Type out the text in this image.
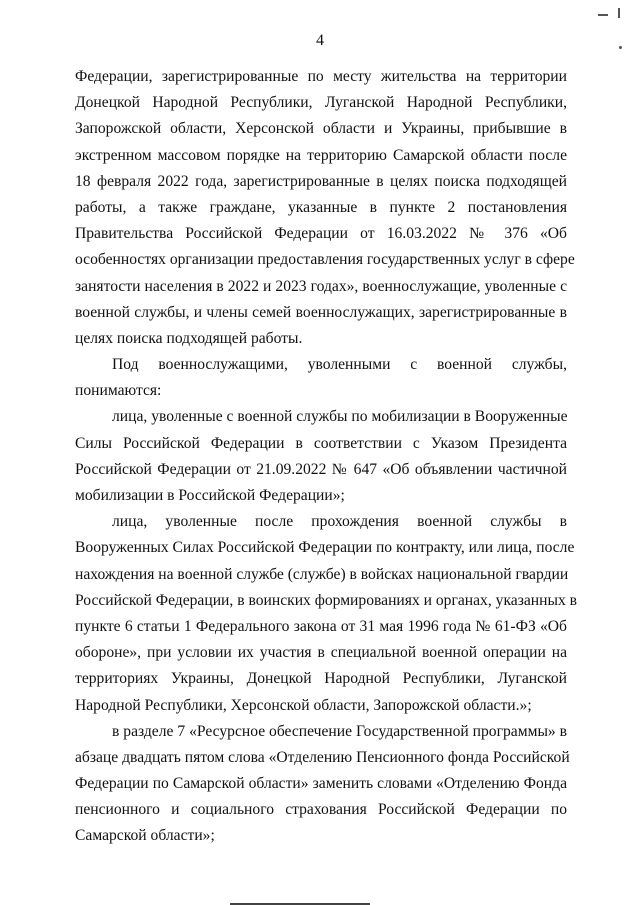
4
Федерации, зарегистрированные по месту жительства на территории
Донецкой Народной Республики, Луганской Народной Республики,
Запорожской области, Херсонской области и Украины, прибывшие в
экстренном массовом порядке на территорию Самарской области после
18 февраля 2022 года, зарегистрированные в целях поиска подходящей
работы, а также граждане, указанные в пункте 2 постановления
Правительства Российской Федерации от 16.03.2022 № 376 «Об
особенностях организации предоставления государственных услуг в сфере
занятости населения в 2022 и 2023 годах», военнослужащие, уволенные с
военной службы, и члены семей военнослужащих, зарегистрированные в
целях поиска подходящей работы.
Под военнослужащими, уволенными с военной службы,
понимаются:
лица, уволенные с военной службы по мобилизации в Вооруженные
Силы Российской Федерации в соответствии с Указом Президента
Российской Федерации от 21.09.2022 № 647 «Об объявлении частичной
мобилизации в Российской Федерации»;
лица, уволенные после прохождения военной службы в
Вооруженных Силах Российской Федерации по контракту, или лица, после
нахождения на военной службе (службе) в войсках национальной гвардии
Российской Федерации, в воинских формированиях и органах, указанных в
пункте 6 статьи 1 Федерального закона от 31 мая 1996 года № 61-ФЗ «Об
обороне», при условии их участия в специальной военной операции на
территориях Украины, Донецкой Народной Республики, Луганской
Народной Республики, Херсонской области, Запорожской области.»;
в разделе 7 «Ресурсное обеспечение Государственной программы» в
абзаце двадцать пятом слова «Отделению Пенсионного фонда Российской
Федерации по Самарской области» заменить словами «Отделению Фонда
пенсионного и социального страхования Российской Федерации по
Самарской области»;
